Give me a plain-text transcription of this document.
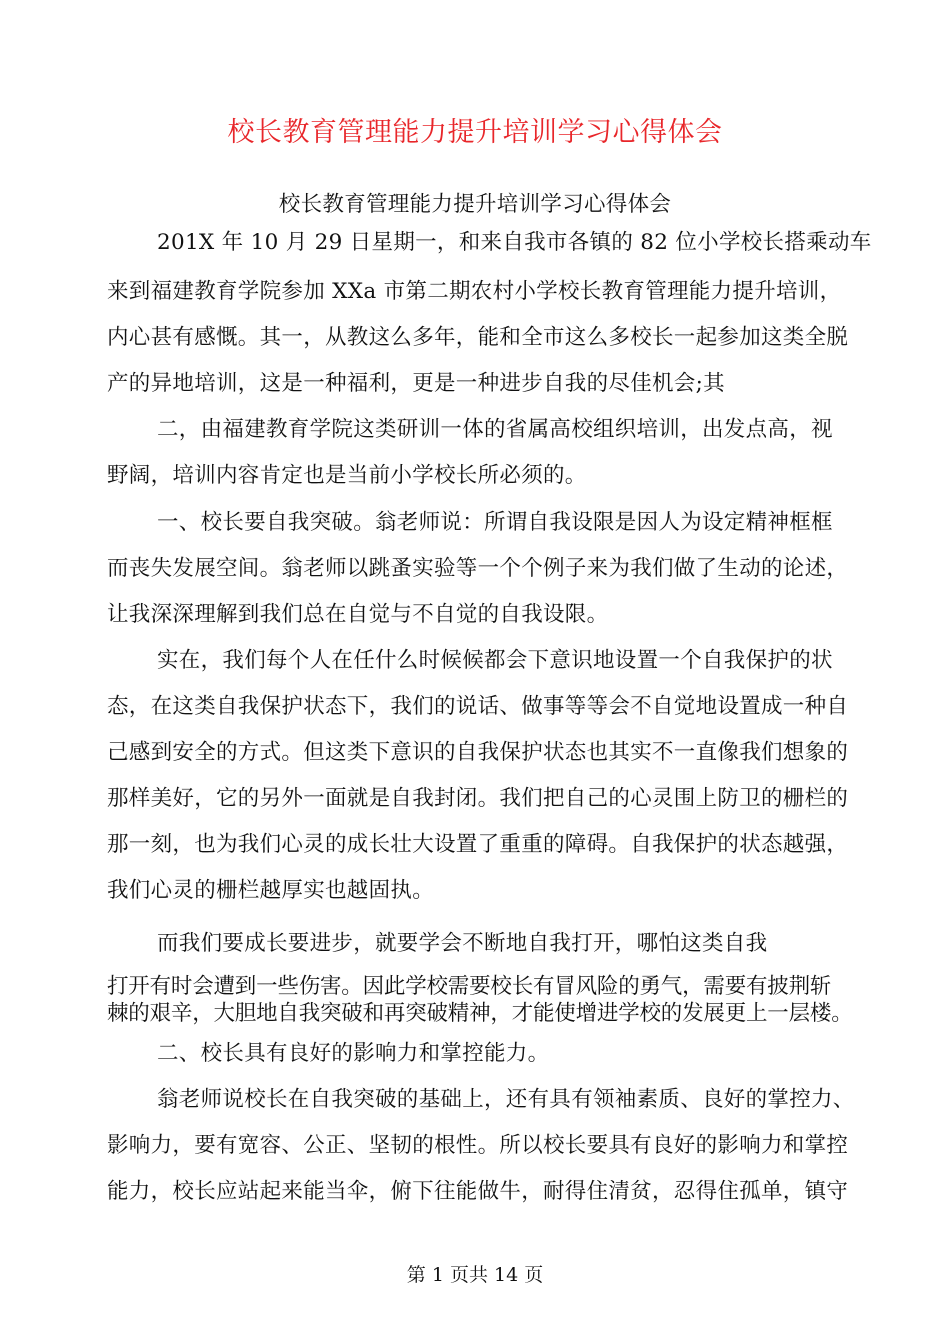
校长教育管理能力提升培训学习心得体会
校长教育管理能力提升培训学习心得体会
201X 年 10 月 29 日星期一，和来自我市各镇的 82 位小学校长搭乘动车
来到福建教育学院参加 XXa 市第二期农村小学校长教育管理能力提升培训，
内心甚有感慨。其一，从教这么多年，能和全市这么多校长一起参加这类全脱
产的异地培训，这是一种福利，更是一种进步自我的尽佳机会;其
二，由福建教育学院这类研训一体的省属高校组织培训，出发点高，视
野阔，培训内容肯定也是当前小学校长所必须的。
一、校长要自我突破。翁老师说：所谓自我设限是因人为设定精神框框
而丧失发展空间。翁老师以跳蚤实验等一个个例子来为我们做了生动的论述，
让我深深理解到我们总在自觉与不自觉的自我设限。
实在，我们每个人在任什么时候候都会下意识地设置一个自我保护的状
态，在这类自我保护状态下，我们的说话、做事等等会不自觉地设置成一种自
己感到安全的方式。但这类下意识的自我保护状态也其实不一直像我们想象的
那样美好，它的另外一面就是自我封闭。我们把自己的心灵围上防卫的栅栏的
那一刻，也为我们心灵的成长壮大设置了重重的障碍。自我保护的状态越强，
我们心灵的栅栏越厚实也越固执。
而我们要成长要进步，就要学会不断地自我打开，哪怕这类自我
打开有时会遭到一些伤害。因此学校需要校长有冒风险的勇气，需要有披荆斩
棘的艰辛，大胆地自我突破和再突破精神，才能使增进学校的发展更上一层楼。
二、校长具有良好的影响力和掌控能力。
翁老师说校长在自我突破的基础上，还有具有领袖素质、良好的掌控力、
影响力，要有宽容、公正、坚韧的根性。所以校长要具有良好的影响力和掌控
能力，校长应站起来能当伞，俯下往能做牛，耐得住清贫，忍得住孤单，镇守
第 1 页共 14 页
